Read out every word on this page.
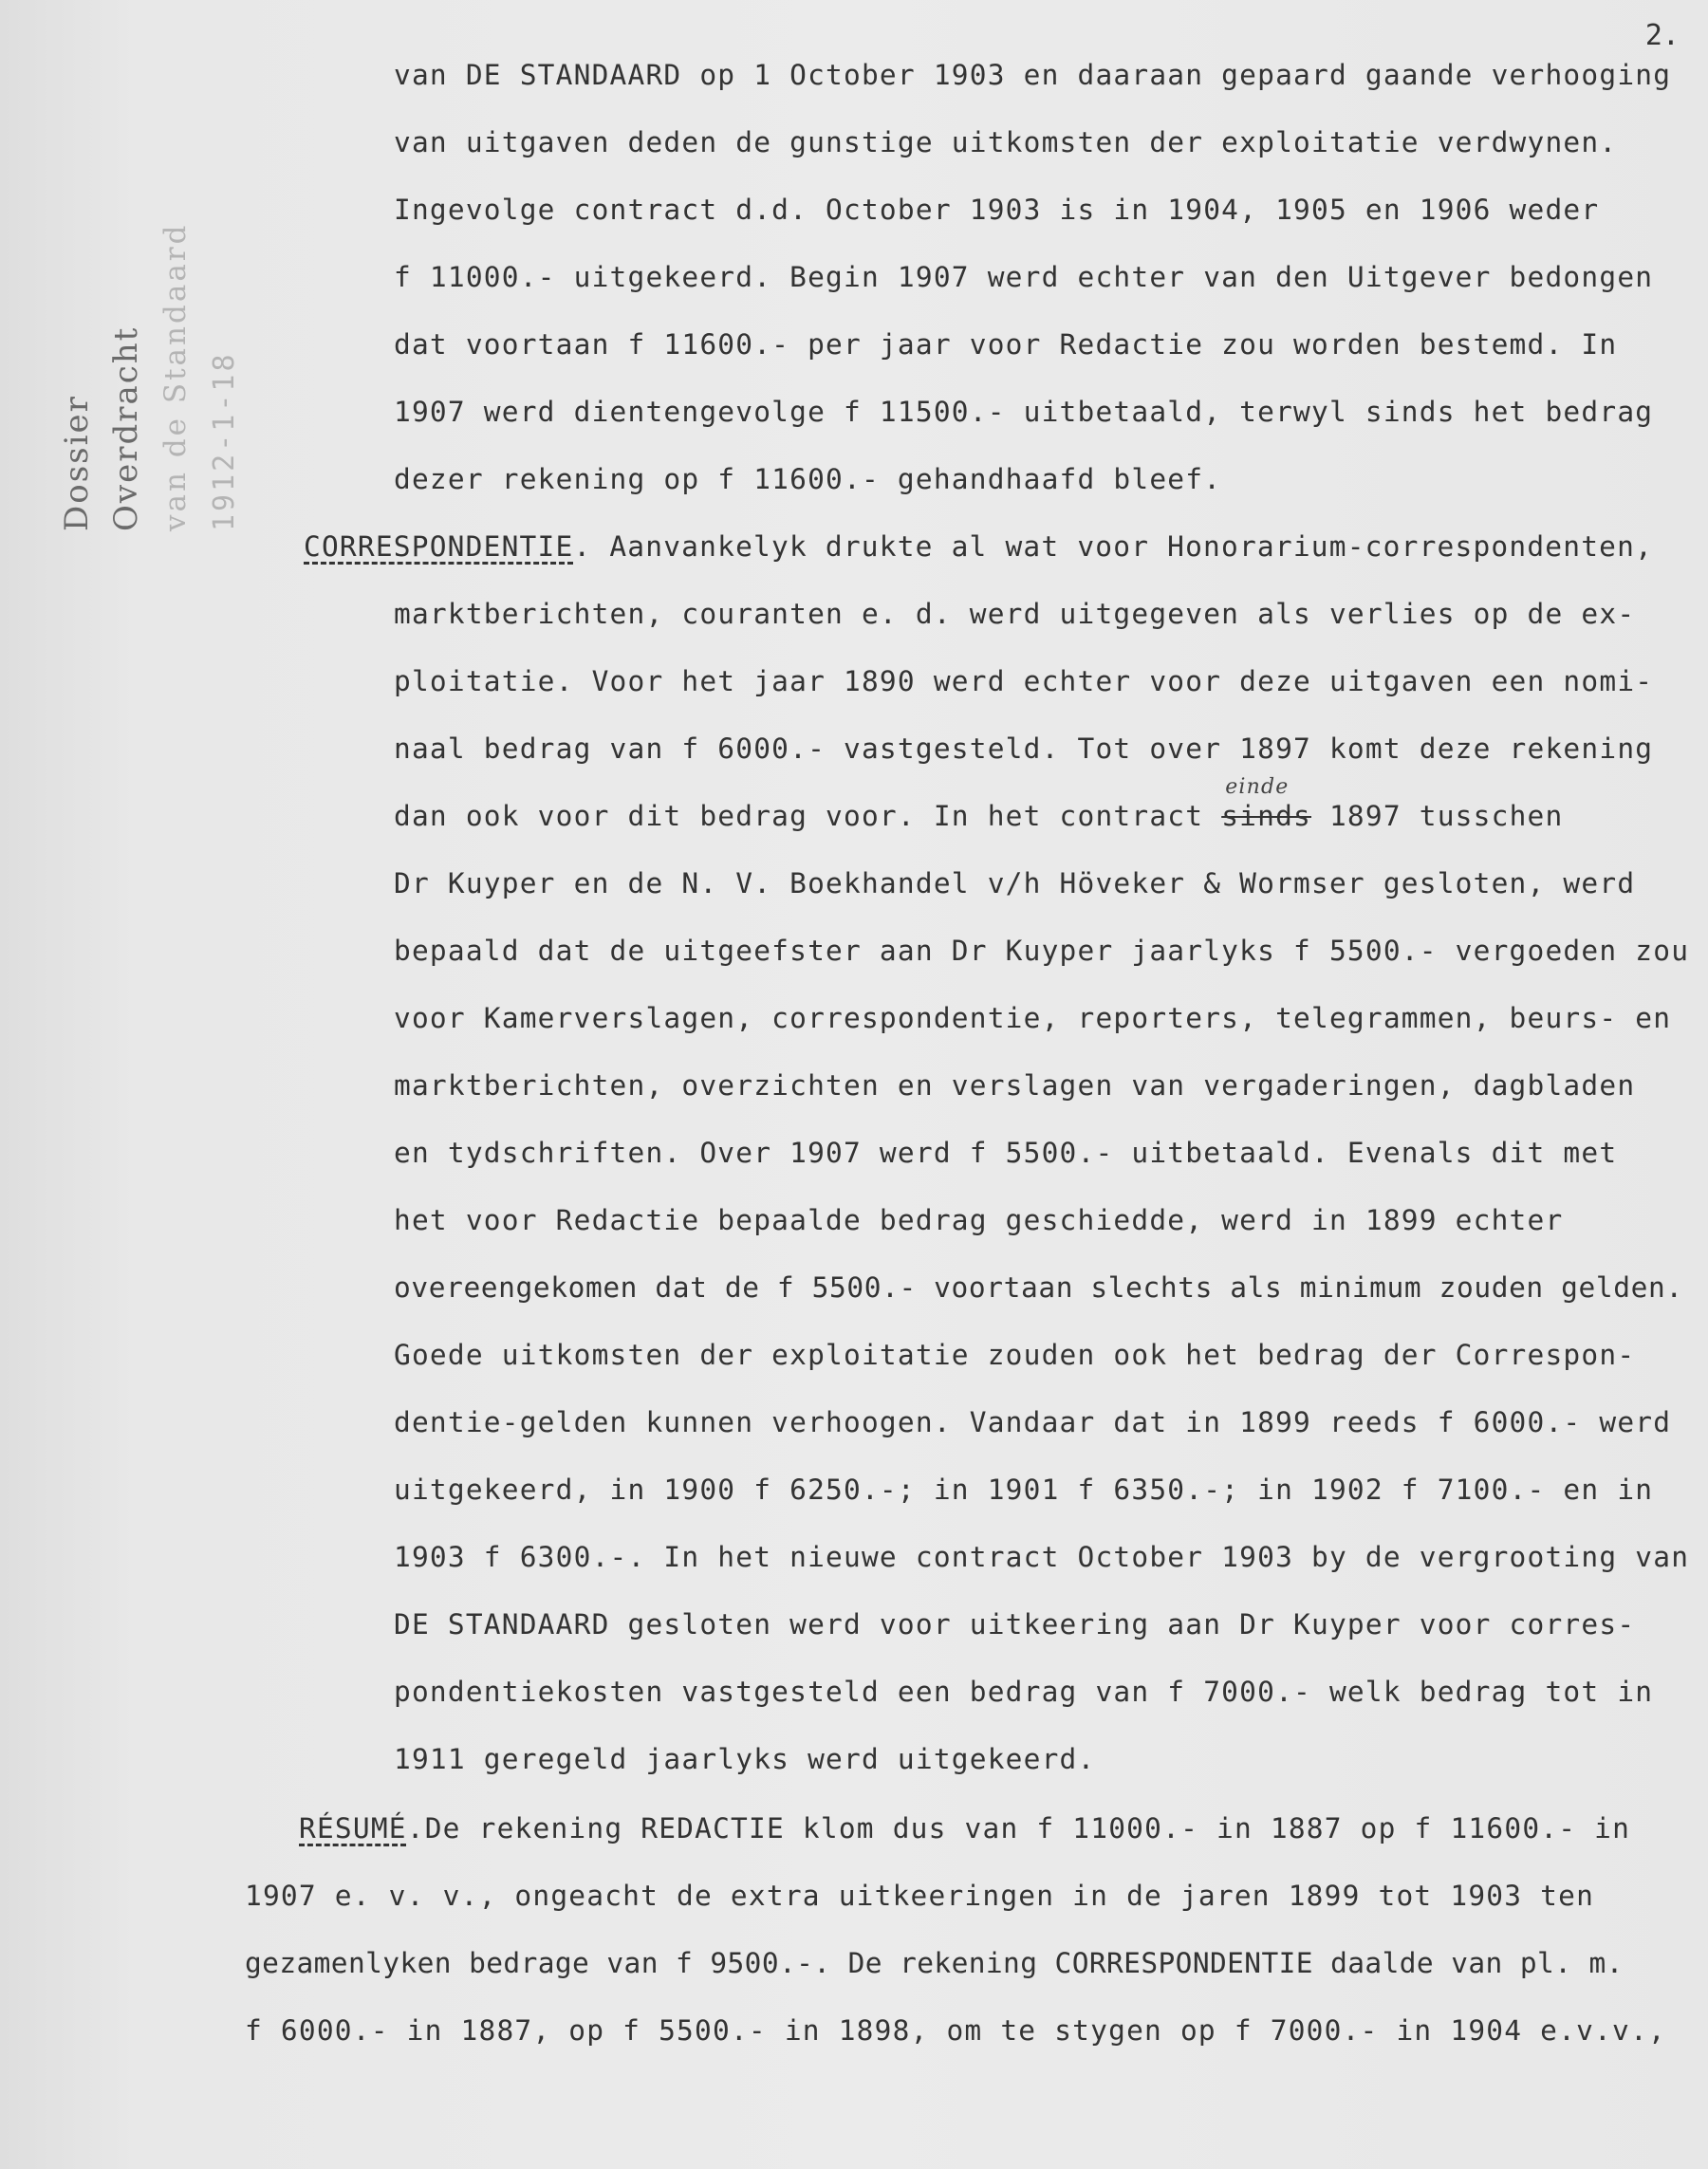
2.
Dossier Overdracht van de Standaard 1912-1-18
van DE STANDAARD op 1 October 1903 en daaraan gepaard gaande verhooging
van uitgaven deden de gunstige uitkomsten der exploitatie verdwynen.
Ingevolge contract d.d. October 1903 is in 1904, 1905 en 1906 weder
f 11000.- uitgekeerd. Begin 1907 werd echter van den Uitgever bedongen
dat voortaan f 11600.- per jaar voor Redactie zou worden bestemd. In
1907 werd dientengevolge f 11500.- uitbetaald, terwyl sinds het bedrag
dezer rekening op f 11600.- gehandhaafd bleef.
CORRESPONDENTIE. Aanvankelyk drukte al wat voor Honorarium-correspondenten,
marktberichten, couranten e. d. werd uitgegeven als verlies op de ex-
ploitatie. Voor het jaar 1890 werd echter voor deze uitgaven een nomi-
naal bedrag van f 6000.- vastgesteld. Tot over 1897 komt deze rekening
dan ook voor dit bedrag voor. In het contract
einde
sinds 1897 tusschen
Dr Kuyper en de N. V. Boekhandel v/h Höveker & Wormser gesloten, werd
bepaald dat de uitgeefster aan Dr Kuyper jaarlyks f 5500.- vergoeden zou
voor Kamerverslagen, correspondentie, reporters, telegrammen, beurs- en
marktberichten, overzichten en verslagen van vergaderingen, dagbladen
en tydschriften. Over 1907 werd f 5500.- uitbetaald. Evenals dit met
het voor Redactie bepaalde bedrag geschiedde, werd in 1899 echter
overeengekomen dat de f 5500.- voortaan slechts als minimum zouden gelden.
Goede uitkomsten der exploitatie zouden ook het bedrag der Correspon-
dentie-gelden kunnen verhoogen. Vandaar dat in 1899 reeds f 6000.- werd
uitgekeerd, in 1900 f 6250.-; in 1901 f 6350.-; in 1902 f 7100.- en in
1903 f 6300.-. In het nieuwe contract October 1903 by de vergrooting van
DE STANDAARD gesloten werd voor uitkeering aan Dr Kuyper voor corres-
pondentiekosten vastgesteld een bedrag van f 7000.- welk bedrag tot in
1911 geregeld jaarlyks werd uitgekeerd.
RÉSUMÉ.De rekening REDACTIE klom dus van f 11000.- in 1887 op f 11600.- in
1907 e. v. v., ongeacht de extra uitkeeringen in de jaren 1899 tot 1903 ten
gezamenlyken bedrage van f 9500.-. De rekening CORRESPONDENTIE daalde van pl. m.
f 6000.- in 1887, op f 5500.- in 1898, om te stygen op f 7000.- in 1904 e.v.v.,
